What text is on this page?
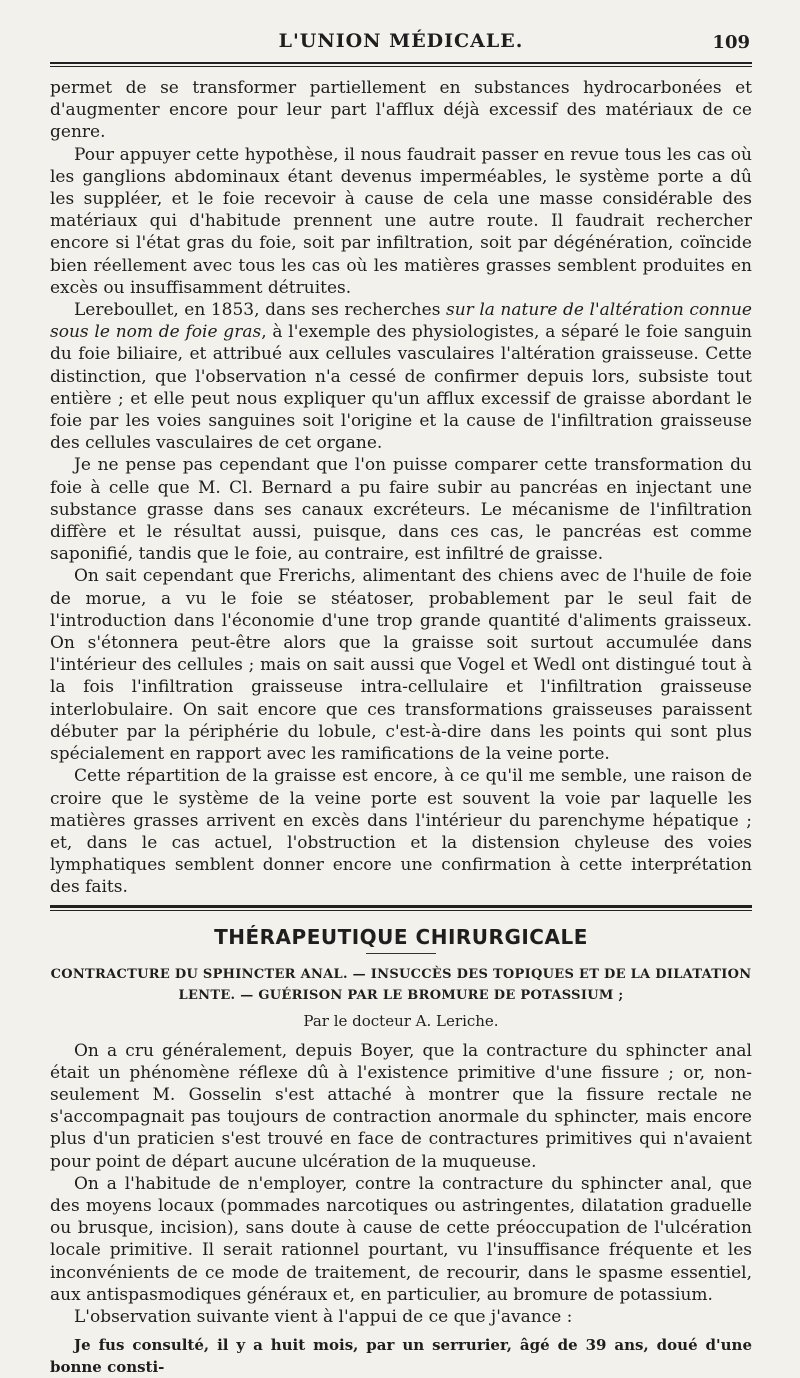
L'UNION MÉDICALE.	109

permet de se transformer partiellement en substances hydrocarbonées et d'augmenter encore pour leur part l'afflux déjà excessif des matériaux de ce genre.

Pour appuyer cette hypothèse, il nous faudrait passer en revue tous les cas où les ganglions abdominaux étant devenus imperméables, le système porte a dû les suppléer, et le foie recevoir à cause de cela une masse considérable des matériaux qui d'habitude prennent une autre route. Il faudrait rechercher encore si l'état gras du foie, soit par infiltration, soit par dégénération, coïncide bien réellement avec tous les cas où les matières grasses semblent produites en excès ou insuffisamment détruites.

Lereboullet, en 1853, dans ses recherches sur la nature de l'altération connue sous le nom de foie gras, à l'exemple des physiologistes, a séparé le foie sanguin du foie biliaire, et attribué aux cellules vasculaires l'altération graisseuse. Cette distinction, que l'observation n'a cessé de confirmer depuis lors, subsiste tout entière ; et elle peut nous expliquer qu'un afflux excessif de graisse abordant le foie par les voies sanguines soit l'origine et la cause de l'infiltration graisseuse des cellules vasculaires de cet organe.

Je ne pense pas cependant que l'on puisse comparer cette transformation du foie à celle que M. Cl. Bernard a pu faire subir au pancréas en injectant une substance grasse dans ses canaux excréteurs. Le mécanisme de l'infiltration diffère et le résultat aussi, puisque, dans ces cas, le pancréas est comme saponifié, tandis que le foie, au contraire, est infiltré de graisse.

On sait cependant que Frerichs, alimentant des chiens avec de l'huile de foie de morue, a vu le foie se stéatoser, probablement par le seul fait de l'introduction dans l'économie d'une trop grande quantité d'aliments graisseux. On s'étonnera peut-être alors que la graisse soit surtout accumulée dans l'intérieur des cellules ; mais on sait aussi que Vogel et Wedl ont distingué tout à la fois l'infiltration graisseuse intra-cellulaire et l'infiltration graisseuse interlobulaire. On sait encore que ces transformations graisseuses paraissent débuter par la périphérie du lobule, c'est-à-dire dans les points qui sont plus spécialement en rapport avec les ramifications de la veine porte.

Cette répartition de la graisse est encore, à ce qu'il me semble, une raison de croire que le système de la veine porte est souvent la voie par laquelle les matières grasses arrivent en excès dans l'intérieur du parenchyme hépatique ; et, dans le cas actuel, l'obstruction et la distension chyleuse des voies lymphatiques semblent donner encore une confirmation à cette interprétation des faits.

THÉRAPEUTIQUE CHIRURGICALE
CONTRACTURE DU SPHINCTER ANAL. — INSUCCÈS DES TOPIQUES ET DE LA DILATATION
LENTE. — GUÉRISON PAR LE BROMURE DE POTASSIUM ;
Par le docteur A. Leriche.

On a cru généralement, depuis Boyer, que la contracture du sphincter anal était un phénomène réflexe dû à l'existence primitive d'une fissure ; or, non-seulement M. Gosselin s'est attaché à montrer que la fissure rectale ne s'accompagnait pas toujours de contraction anormale du sphincter, mais encore plus d'un praticien s'est trouvé en face de contractures primitives qui n'avaient pour point de départ aucune ulcération de la muqueuse.

On a l'habitude de n'employer, contre la contracture du sphincter anal, que des moyens locaux (pommades narcotiques ou astringentes, dilatation graduelle ou brusque, incision), sans doute à cause de cette préoccupation de l'ulcération locale primitive. Il serait rationnel pourtant, vu l'insuffisance fréquente et les inconvénients de ce mode de traitement, de recourir, dans le spasme essentiel, aux antispasmodiques généraux et, en particulier, au bromure de potassium.

L'observation suivante vient à l'appui de ce que j'avance :

Je fus consulté, il y a huit mois, par un serrurier, âgé de 39 ans, doué d'une bonne consti-
